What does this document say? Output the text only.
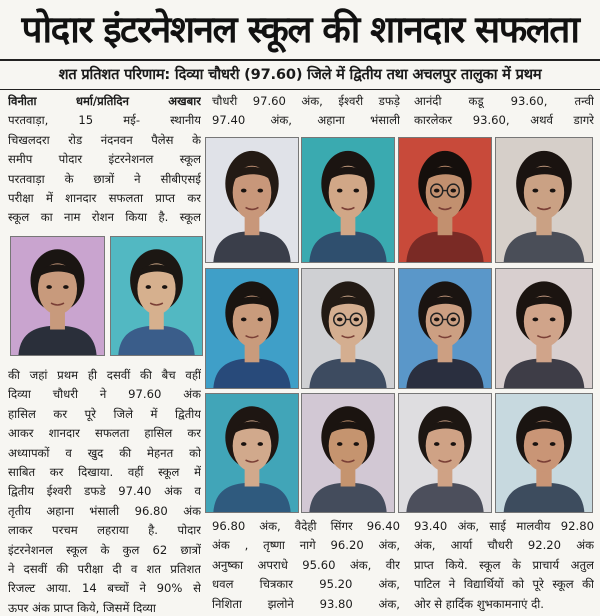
पोदार इंटरनेशनल स्कूल की शानदार सफलता
शत प्रतिशत परिणाम: दिव्या चौधरी (97.60) जिले में द्वितीय तथा अचलपुर तालुका में प्रथम
विनीता धर्मा/प्रतिदिन अखबार
परतवाड़ा, 15 मई- स्थानीय
चिखलदरा रोड नंदनवन पैलेस के
समीप पोदार इंटरनेशनल स्कूल
परतवाड़ा के छात्रों ने सीबीएसई
परीक्षा में शानदार सफलता प्राप्त कर
स्कूल का नाम रोशन किया है. स्कूल
की जहां प्रथम ही दसवीं की बैच वहीं
दिव्या चौधरी ने 97.60 अंक
हासिल कर पूरे जिले में द्वितीय
आकर शानदार सफलता हासिल कर
अध्यापकों व खुद की मेहनत को
साबित कर दिखाया. वहीं स्कूल में
द्वितीय ईश्वरी डफडे 97.40 अंक व
तृतीय अहाना भंसाली 96.80 अंक
लाकर परचम लहराया है. पोदार
इंटरनेशनल स्कूल के कुल 62 छात्रों
ने दसवीं की परीक्षा दी व शत प्रतिशत
रिजल्ट आया. 14 बच्चों ने 90% से
ऊपर अंक प्राप्त किये, जिसमें दिव्या
चौधरी 97.60 अंक, ईश्वरी डफड़े
97.40 अंक, अहाना भंसाली
आनंदी कडू 93.60, तन्वी
कारलेकर 93.60, अथर्व डागरे
96.80 अंक, वैदेही सिंगर 96.40
अंक , तृष्णा नागे 96.20 अंक,
अनुष्का अपराधे 95.60 अंक, वीर
धवल चित्रकार 95.20 अंक,
निशिता झलोने 93.80 अंक,
93.40 अंक, साई मालवीय 92.80
अंक, आर्या चौधरी 92.20 अंक
प्राप्त किये. स्कूल के प्राचार्य अतुल
पाटिल ने विद्यार्थियों को पूरे स्कूल की
ओर से हार्दिक शुभकामनाएं दी.
